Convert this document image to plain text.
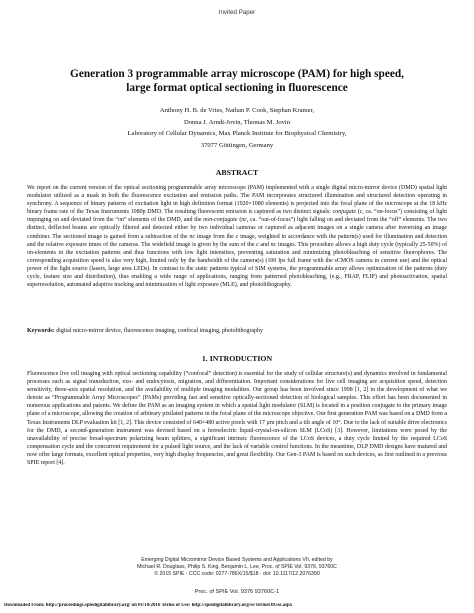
Invited Paper
Generation 3 programmable array microscope (PAM) for high speed,
large format optical sectioning in fluorescence
Anthony H. B. de Vries, Nathan P. Cook, Stephan Kramer,
Donna J. Arndt-Jovin, Thomas M. Jovin
Laboratory of Cellular Dynamics, Max Planck Institute for Biophysical Chemistry,
37077 Göttingen, Germany
ABSTRACT

We report on the current version of the optical sectioning programmable array microscope (PAM) implemented with a single digital micro-mirror device (DMD) spatial light modulator utilized as a mask in both the fluorescence excitation and emission paths. The PAM incorporates structured illumination and structured detection operating in synchrony. A sequence of binary patterns of excitation light in high definition format (1920×1080 elements) is projected into the focal plane of the microscope at the 18 kHz binary frame rate of the Texas Instruments 1080p DMD. The resulting fluorescent emission is captured as two distinct signals: conjugate (c, ca. “on-focus”) consisting of light impinging on and deviated from the “on” elements of the DMD, and the non-conjugate (nc, ca. “out-of-focus”) light falling on and deviated from the “off” elements. The two distinct, deflected beams are optically filtered and detected either by two individual cameras or captured as adjacent images on a single camera after traversing an image combiner. The sectioned image is gained from a subtraction of the nc image from the c image, weighted in accordance with the pattern(s) used for illumination and detection and the relative exposure times of the cameras. The widefield image is given by the sum of the c and nc images. This procedure allows a high duty cycle (typically 25-50%) of on-elements in the excitation patterns and thus functions with low light intensities, preventing saturation and minimizing photobleaching of sensitive fluorophores. The corresponding acquisition speed is also very high, limited only by the bandwidth of the camera(s) (100 fps full frame with the sCMOS camera in current use) and the optical power of the light source (lasers, large area LEDs). In contrast to the static patterns typical of SIM systems, the programmable array allows optimization of the patterns (duty cycle, feature size and distribution), thus enabling a wide range of applications, ranging from patterned photobleaching, (e.g., FRAP, FLIP) and photoactivation, spatial superresolution, automated adaptive tracking and minimization of light exposure (MLE), and photolithography.

Keywords: digital micro-mirror device, fluorescence imaging, confocal imaging, photolithography

1. INTRODUCTION

Fluorescence live cell imaging with optical sectioning capability (“confocal” detection) is essential for the study of cellular structure(s) and dynamics involved in fundamental processes such as signal transduction, exo- and endocytosis, migration, and differentiation. Important considerations for live cell imaging are acquisition speed, detection sensitivity, three-axis spatial resolution, and the availability of multiple imaging modalities. Our group has been involved since 1998 [1, 2] in the development of what we denote as “Programmable Array Microscopes” (PAMs) providing fast and sensitive optically-sectioned detection of biological samples. This effort has been documented in numerous applications and patents. We define the PAM as an imaging system in which a spatial light modulator (SLM) is located in a position conjugate to the primary image plane of a microscope, allowing the creation of arbitrary pixilated patterns in the focal plane of the microscope objective. Our first generation PAM was based on a DMD from a Texas Instruments DLP evaluation kit [1, 2]. This device consisted of 640×480 active pixels with 17 µm pitch and a tilt angle of 10°. Due to the lack of suitable drive electronics for the DMD, a second-generation instrument was devised based on a ferroelectric liquid-crystal-on-silicon SLM (LCoS) [3]. However, limitations were posed by the unavailability of precise broad-spectrum polarizing beam splitters, a significant intrinsic fluorescence of the LCoS devices, a duty cycle limited by the required LCoS compensation cycle and the concurrent requirement for a pulsed light source, and the lack of variable control functions. In the meantime, DLP DMD designs have matured and now offer large formats, excellent optical properties, very high display frequencies, and great flexibility. Our Gen-3 PAM is based on such devices, as first outlined in a previous SPIE report [4].

Emerging Digital Micromirror Device Based Systems and Applications VII, edited by
Michael R. Douglass, Philip S. King, Benjamin L. Lee, Proc. of SPIE Vol. 9376, 93760C
© 2015 SPIE · CCC code: 0277-786X/15/$18 · doi: 10.1117/12.2076390
Proc. of SPIE Vol. 9376 93760C-1
Downloaded From: http://proceedings.spiedigitallibrary.org/ on 01/18/2016 Terms of Use: http://spiedigitallibrary.org/ss/TermsOfUse.aspx
